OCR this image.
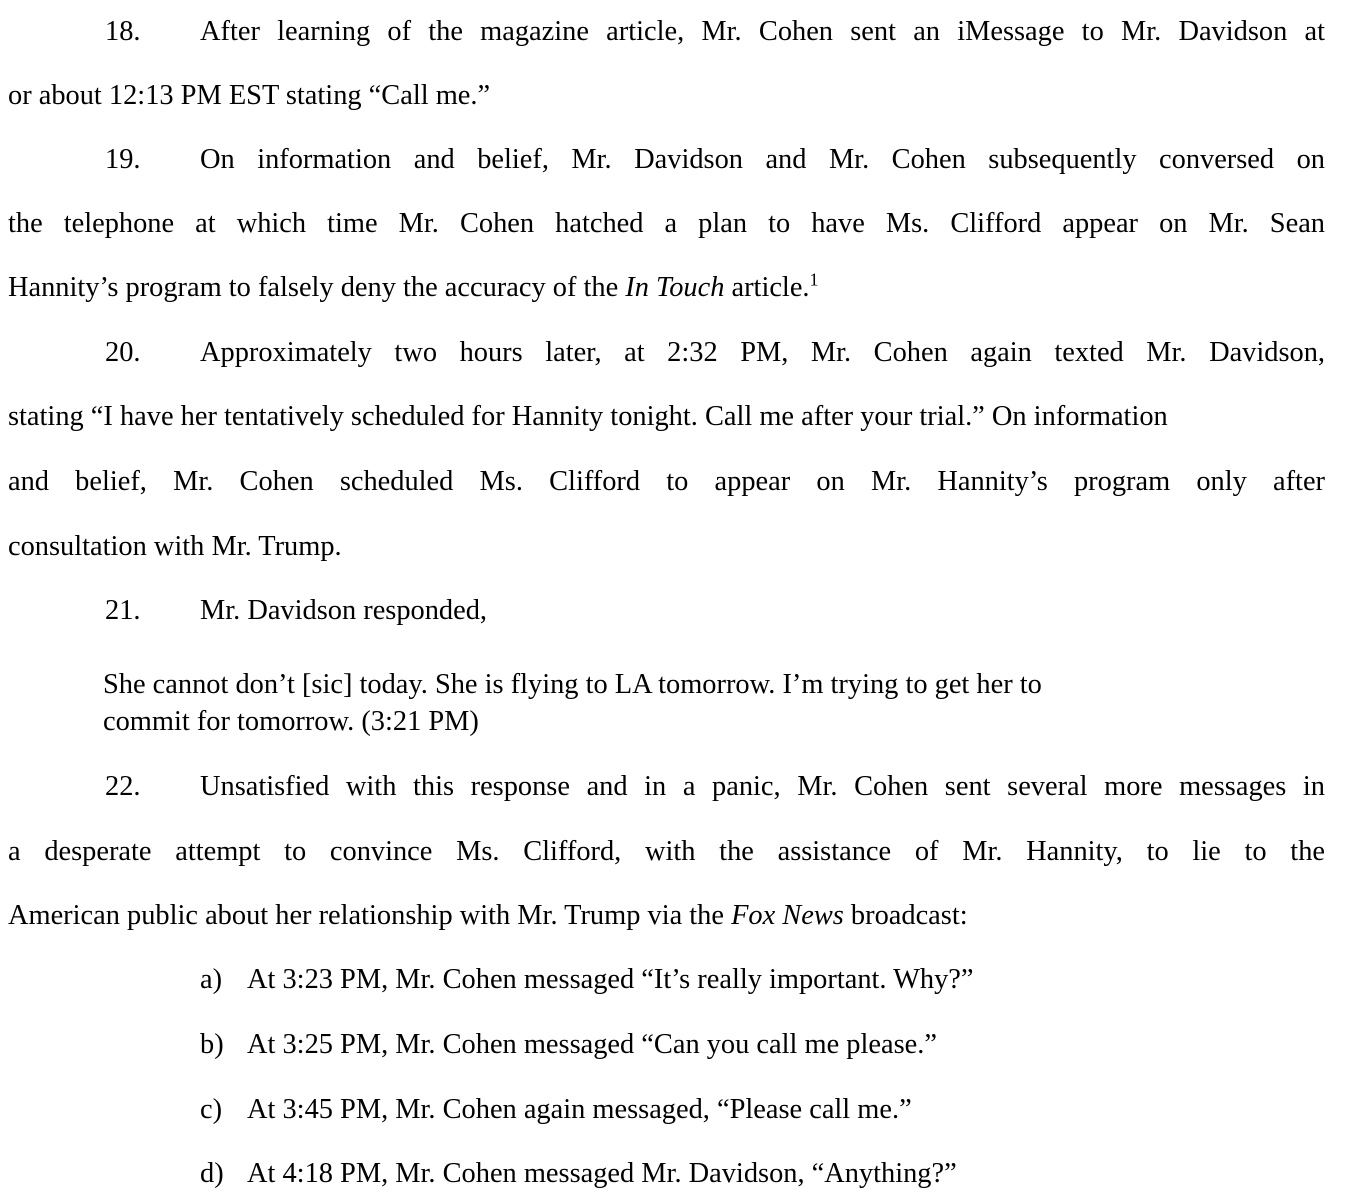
18. After learning of the magazine article, Mr. Cohen sent an iMessage to Mr. Davidson at
or about 12:13 PM EST stating “Call me.”
19. On information and belief, Mr. Davidson and Mr. Cohen subsequently conversed on
the telephone at which time Mr. Cohen hatched a plan to have Ms. Clifford appear on Mr. Sean
Hannity’s program to falsely deny the accuracy of the In Touch article.$^1$
20. Approximately two hours later, at 2:32 PM, Mr. Cohen again texted Mr. Davidson,
stating “I have her tentatively scheduled for Hannity tonight. Call me after your trial.” On information
and belief, Mr. Cohen scheduled Ms. Clifford to appear on Mr. Hannity’s program only after
consultation with Mr. Trump.
21. Mr. Davidson responded,
She cannot don’t [sic] today. She is flying to LA tomorrow. I’m trying to get her to
commit for tomorrow. (3:21 PM)
22. Unsatisfied with this response and in a panic, Mr. Cohen sent several more messages in
a desperate attempt to convince Ms. Clifford, with the assistance of Mr. Hannity, to lie to the
American public about her relationship with Mr. Trump via the Fox News broadcast:
a) At 3:23 PM, Mr. Cohen messaged “It’s really important. Why?”
b) At 3:25 PM, Mr. Cohen messaged “Can you call me please.”
c) At 3:45 PM, Mr. Cohen again messaged, “Please call me.”
d) At 4:18 PM, Mr. Cohen messaged Mr. Davidson, “Anything?”
